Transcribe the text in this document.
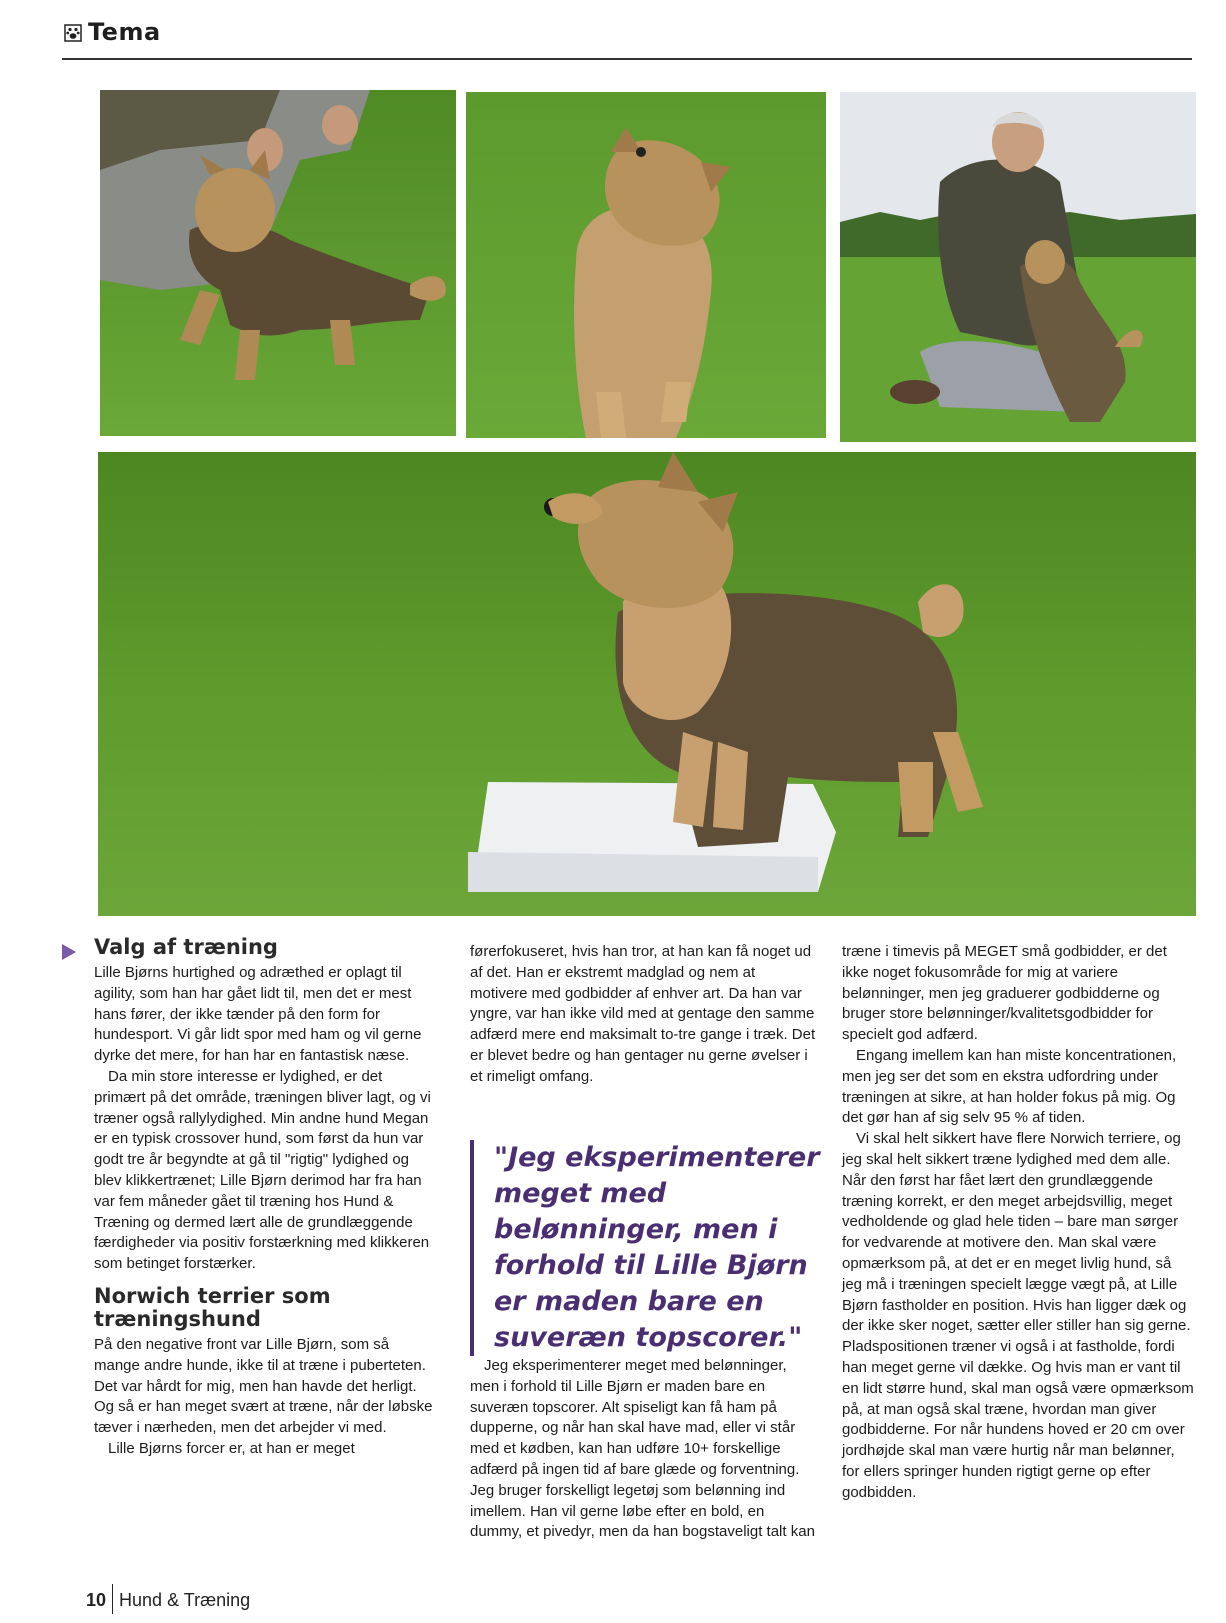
Tema
Valg af træning

Lille Bjørns hurtighed og adræthed er oplagt til agility, som han har gået lidt til, men det er mest hans fører, der ikke tænder på den form for hundesport. Vi går lidt spor med ham og vil gerne dyrke det mere, for han har en fantastisk næse.

Da min store interesse er lydighed, er det primært på det område, træningen bliver lagt, og vi træner også rallylydighed. Min andne hund Megan er en typisk crossover hund, som først da hun var godt tre år begyndte at gå til "rigtig" lydighed og blev klikkertrænet; Lille Bjørn derimod har fra han var fem måneder gået til træning hos Hund & Træning og dermed lært alle de grundlæggende færdigheder via positiv forstærkning med klikkeren som betinget forstærker.

Norwich terrier som træningshund

På den negative front var Lille Bjørn, som så mange andre hunde, ikke til at træne i puberteten. Det var hårdt for mig, men han havde det herligt. Og så er han meget svært at træne, når der løbske tæver i nærheden, men det arbejder vi med.

Lille Bjørns forcer er, at han er meget

førerfokuseret, hvis han tror, at han kan få noget ud af det. Han er ekstremt madglad og nem at motivere med godbidder af enhver art. Da han var yngre, var han ikke vild med at gentage den samme adfærd mere end maksimalt to-tre gange i træk. Det er blevet bedre og han gentager nu gerne øvelser i et rimeligt omfang.

"Jeg eksperimenterer meget med belønninger, men i forhold til Lille Bjørn er maden bare en suveræn topscorer."

Jeg eksperimenterer meget med belønninger, men i forhold til Lille Bjørn er maden bare en suveræn topscorer. Alt spiseligt kan få ham på dupperne, og når han skal have mad, eller vi står med et kødben, kan han udføre 10+ forskellige adfærd på ingen tid af bare glæde og forventning. Jeg bruger forskelligt legetøj som belønning ind imellem. Han vil gerne løbe efter en bold, en dummy, et pivedyr, men da han bogstaveligt talt kan

træne i timevis på MEGET små godbidder, er det ikke noget fokusområde for mig at variere belønninger, men jeg graduerer godbidderne og bruger store belønninger/kvalitetsgodbidder for specielt god adfærd.

Engang imellem kan han miste koncentrationen, men jeg ser det som en ekstra udfordring under træningen at sikre, at han holder fokus på mig. Og det gør han af sig selv 95 % af tiden.

Vi skal helt sikkert have flere Norwich terriere, og jeg skal helt sikkert træne lydighed med dem alle. Når den først har fået lært den grundlæggende træning korrekt, er den meget arbejdsvillig, meget vedholdende og glad hele tiden – bare man sørger for vedvarende at motivere den. Man skal være opmærksom på, at det er en meget livlig hund, så jeg må i træningen specielt lægge vægt på, at Lille Bjørn fastholder en position. Hvis han ligger dæk og der ikke sker noget, sætter eller stiller han sig gerne. Pladspositionen træner vi også i at fastholde, fordi han meget gerne vil dække. Og hvis man er vant til en lidt større hund, skal man også være opmærksom på, at man også skal træne, hvordan man giver godbidderne. For når hundens hoved er 20 cm over jordhøjde skal man være hurtig når man belønner, for ellers springer hunden rigtigt gerne op efter godbidden.

10 Hund & Træning
